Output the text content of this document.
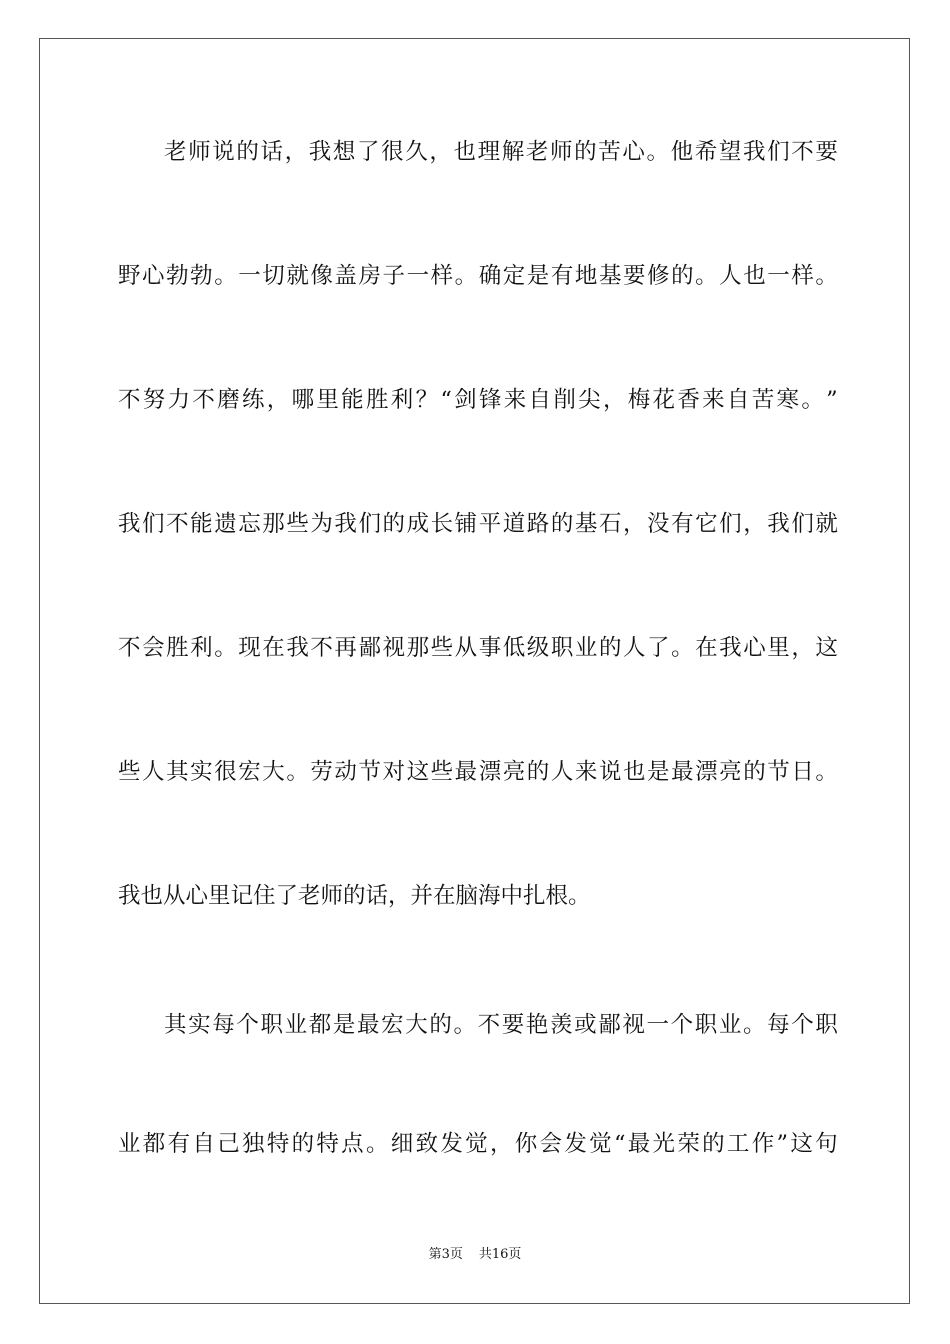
老 师 说 的 话 ， 我 想 了 很 久 ， 也 理 解 老 师 的 苦 心 。 他 希 望 我 们 不 要
野 心 勃 勃 。 一 切 就 像 盖 房 子 一 样 。 确 定 是 有 地 基 要 修 的 。 人 也 一 样 。
不 努 力 不 磨 练 ， 哪 里 能 胜 利 ？ “ 剑 锋 来 自 削 尖 ， 梅 花 香 来 自 苦 寒 。 ”
我 们 不 能 遗 忘 那 些 为 我 们 的 成 长 铺 平 道 路 的 基 石 ， 没 有 它 们 ， 我 们 就
不 会 胜 利 。 现 在 我 不 再 鄙 视 那 些 从 事 低 级 职 业 的 人 了 。 在 我 心 里 ， 这
些 人 其 实 很 宏 大 。 劳 动 节 对 这 些 最 漂 亮 的 人 来 说 也 是 最 漂 亮 的 节 日 。
我也从心里记住了老师的话，并在脑海中扎根。
其 实 每 个 职 业 都 是 最 宏 大 的 。 不 要 艳 羡 或 鄙 视 一 个 职 业 。 每 个 职
业 都 有 自 己 独 特 的 特 点 。 细 致 发 觉 ， 你 会 发 觉 “ 最 光 荣 的 工 作 ” 这 句
第3页 共16页
